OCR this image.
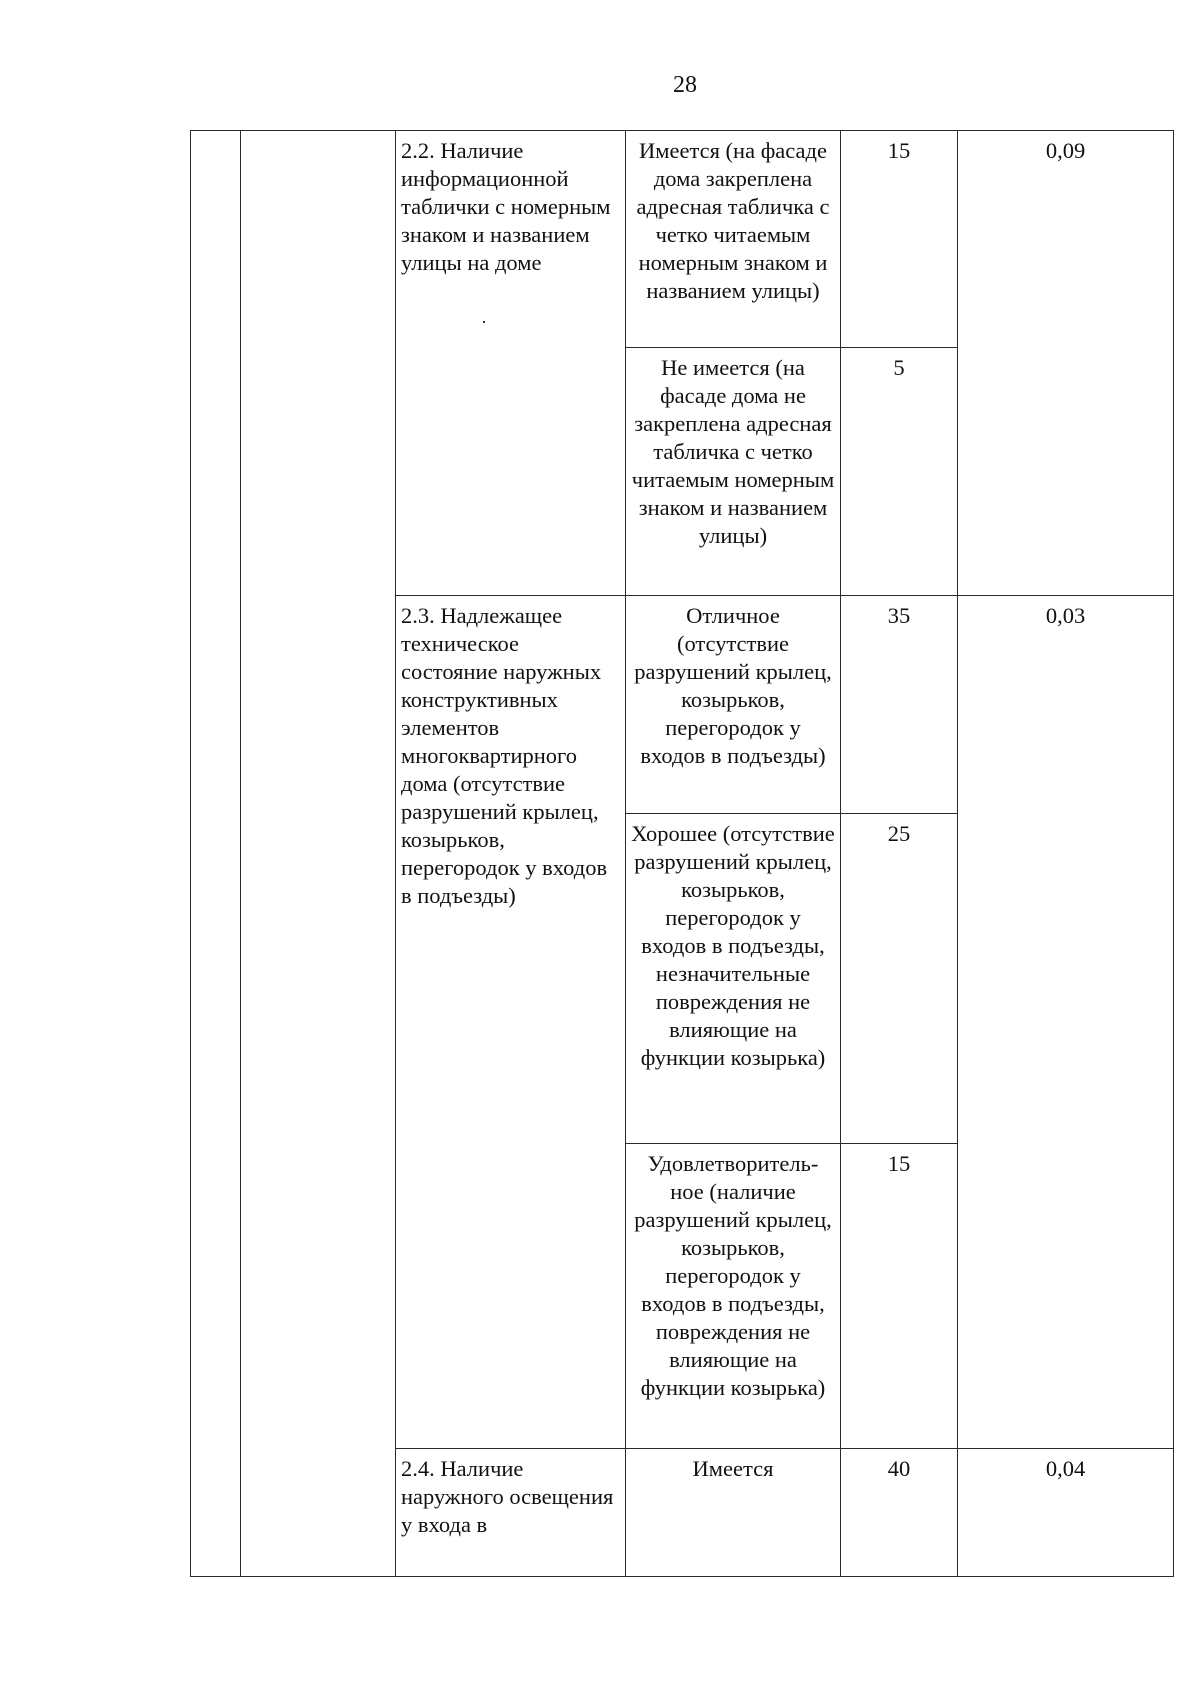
28
		2.2. Наличие информационной таблички с номерным знаком и названием улицы на доме	Имеется (на фасаде дома закреплена адресная табличка с четко читаемым номерным знаком и названием улицы)	15	0,09
			Не имеется (на фасаде дома не закреплена адресная табличка с четко читаемым номерным знаком и названием улицы)	5	
		2.3. Надлежащее техническое состояние наружных конструктивных элементов многоквартирного дома (отсутствие разрушений крылец, козырьков, перегородок у входов в подъезды)	Отличное (отсутствие разрушений крылец, козырьков, перегородок у входов в подъезды)	35	0,03
			Хорошее (отсутствие разрушений крылец, козырьков, перегородок у входов в подъезды, незначительные повреждения не влияющие на функции козырька)	25	
			Удовлетворитель-ное (наличие разрушений крылец, козырьков, перегородок у входов в подъезды, повреждения не влияющие на функции козырька)	15	
		2.4. Наличие наружного освещения у входа в	Имеется	40	0,04
·
